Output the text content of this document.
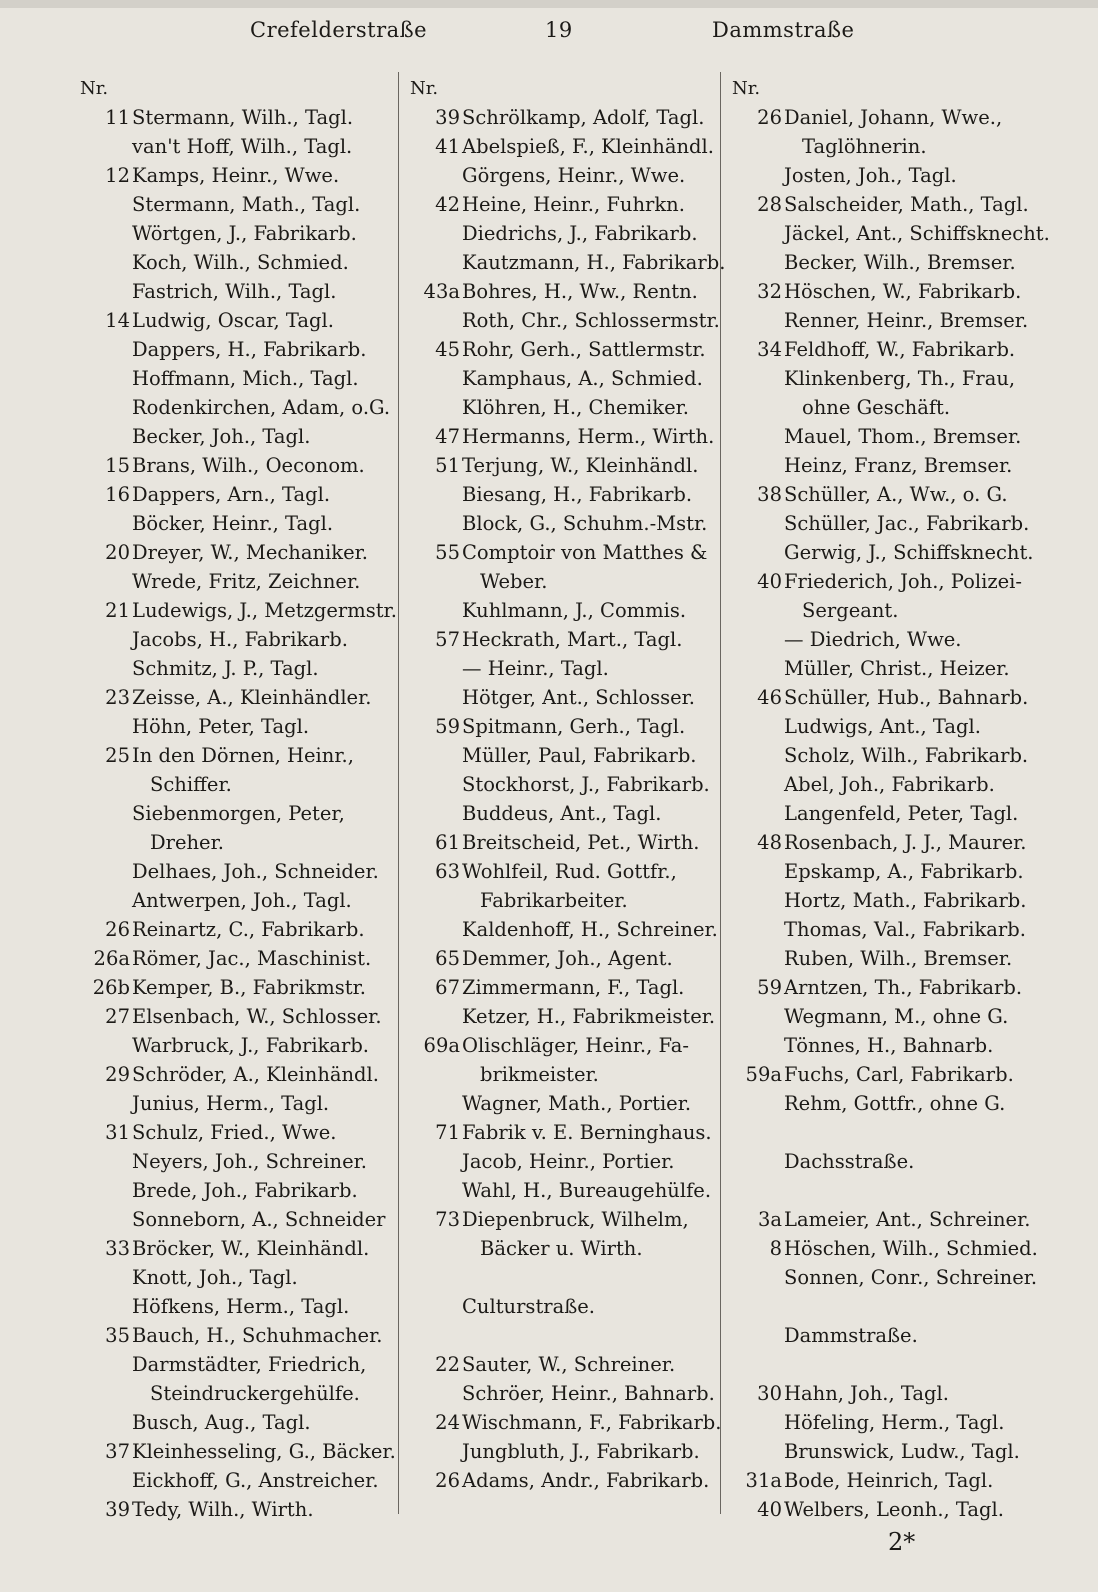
Crefelderstraße	19	Dammstraße
Nr.
11 Stermann, Wilh., Tagl.
van't Hoff, Wilh., Tagl.
12 Kamps, Heinr., Wwe.
Stermann, Math., Tagl.
Wörtgen, J., Fabrikarb.
Koch, Wilh., Schmied.
Fastrich, Wilh., Tagl.
14 Ludwig, Oscar, Tagl.
Dappers, H., Fabrikarb.
Hoffmann, Mich., Tagl.
Rodenkirchen, Adam, o.G.
Becker, Joh., Tagl.
15 Brans, Wilh., Oeconom.
16 Dappers, Arn., Tagl.
Böcker, Heinr., Tagl.
20 Dreyer, W., Mechaniker.
Wrede, Fritz, Zeichner.
21 Ludewigs, J., Metzgermstr.
Jacobs, H., Fabrikarb.
Schmitz, J. P., Tagl.
23 Zeisse, A., Kleinhändler.
Höhn, Peter, Tagl.
25 In den Dörnen, Heinr.,
Schiffer.
Siebenmorgen, Peter,
Dreher.
Delhaes, Joh., Schneider.
Antwerpen, Joh., Tagl.
26 Reinartz, C., Fabrikarb.
26a Römer, Jac., Maschinist.
26b Kemper, B., Fabrikmstr.
27 Elsenbach, W., Schlosser.
Warbruck, J., Fabrikarb.
29 Schröder, A., Kleinhändl.
Junius, Herm., Tagl.
31 Schulz, Fried., Wwe.
Neyers, Joh., Schreiner.
Brede, Joh., Fabrikarb.
Sonneborn, A., Schneider
33 Bröcker, W., Kleinhändl.
Knott, Joh., Tagl.
Höfkens, Herm., Tagl.
35 Bauch, H., Schuhmacher.
Darmstädter, Friedrich,
Steindruckergehülfe.
Busch, Aug., Tagl.
37 Kleinhesseling, G., Bäcker.
Eickhoff, G., Anstreicher.
39 Tedy, Wilh., Wirth.
Nr.
39 Schrölkamp, Adolf, Tagl.
41 Abelspieß, F., Kleinhändl.
Görgens, Heinr., Wwe.
42 Heine, Heinr., Fuhrkn.
Diedrichs, J., Fabrikarb.
Kautzmann, H., Fabrikarb.
43a Bohres, H., Ww., Rentn.
Roth, Chr., Schlossermstr.
45 Rohr, Gerh., Sattlermstr.
Kamphaus, A., Schmied.
Klöhren, H., Chemiker.
47 Hermanns, Herm., Wirth.
51 Terjung, W., Kleinhändl.
Biesang, H., Fabrikarb.
Block, G., Schuhm.-Mstr.
55 Comptoir von Matthes &
Weber.
Kuhlmann, J., Commis.
57 Heckrath, Mart., Tagl.
— Heinr., Tagl.
Hötger, Ant., Schlosser.
59 Spitmann, Gerh., Tagl.
Müller, Paul, Fabrikarb.
Stockhorst, J., Fabrikarb.
Buddeus, Ant., Tagl.
61 Breitscheid, Pet., Wirth.
63 Wohlfeil, Rud. Gottfr.,
Fabrikarbeiter.
Kaldenhoff, H., Schreiner.
65 Demmer, Joh., Agent.
67 Zimmermann, F., Tagl.
Ketzer, H., Fabrikmeister.
69a Olischläger, Heinr., Fa-
brikmeister.
Wagner, Math., Portier.
71 Fabrik v. E. Berninghaus.
Jacob, Heinr., Portier.
Wahl, H., Bureaugehülfe.
73 Diepenbruck, Wilhelm,
Bäcker u. Wirth.
Culturstraße.
22 Sauter, W., Schreiner.
Schröer, Heinr., Bahnarb.
24 Wischmann, F., Fabrikarb.
Jungbluth, J., Fabrikarb.
26 Adams, Andr., Fabrikarb.
Nr.
26 Daniel, Johann, Wwe.,
Taglöhnerin.
Josten, Joh., Tagl.
28 Salscheider, Math., Tagl.
Jäckel, Ant., Schiffsknecht.
Becker, Wilh., Bremser.
32 Höschen, W., Fabrikarb.
Renner, Heinr., Bremser.
34 Feldhoff, W., Fabrikarb.
Klinkenberg, Th., Frau,
ohne Geschäft.
Mauel, Thom., Bremser.
Heinz, Franz, Bremser.
38 Schüller, A., Ww., o. G.
Schüller, Jac., Fabrikarb.
Gerwig, J., Schiffsknecht.
40 Friederich, Joh., Polizei-
Sergeant.
— Diedrich, Wwe.
Müller, Christ., Heizer.
46 Schüller, Hub., Bahnarb.
Ludwigs, Ant., Tagl.
Scholz, Wilh., Fabrikarb.
Abel, Joh., Fabrikarb.
Langenfeld, Peter, Tagl.
48 Rosenbach, J. J., Maurer.
Epskamp, A., Fabrikarb.
Hortz, Math., Fabrikarb.
Thomas, Val., Fabrikarb.
Ruben, Wilh., Bremser.
59 Arntzen, Th., Fabrikarb.
Wegmann, M., ohne G.
Tönnes, H., Bahnarb.
59a Fuchs, Carl, Fabrikarb.
Rehm, Gottfr., ohne G.
Dachsstraße.
3a Lameier, Ant., Schreiner.
8 Höschen, Wilh., Schmied.
Sonnen, Conr., Schreiner.
Dammstraße.
30 Hahn, Joh., Tagl.
Höfeling, Herm., Tagl.
Brunswick, Ludw., Tagl.
31a Bode, Heinrich, Tagl.
40 Welbers, Leonh., Tagl.
2*
